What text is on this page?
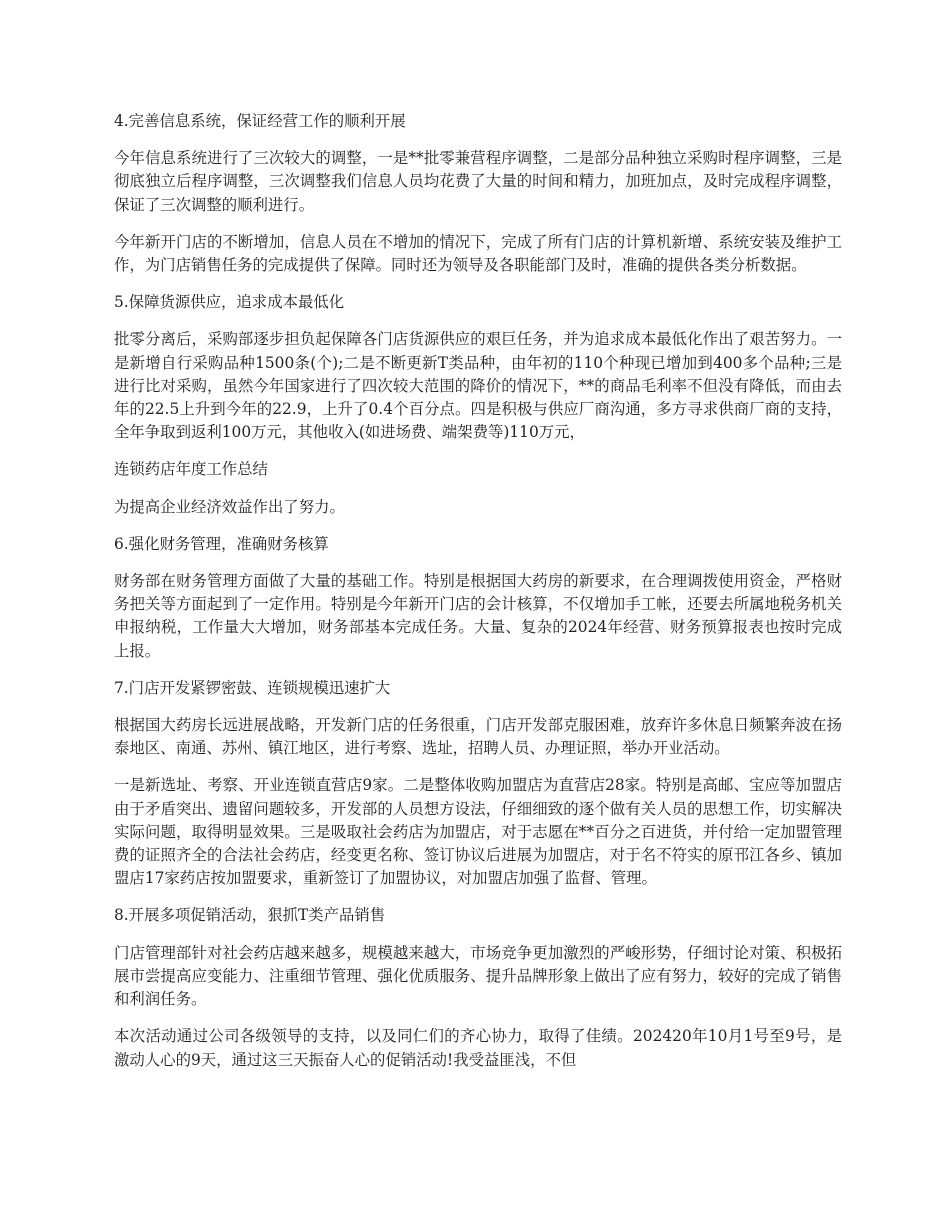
4.完善信息系统，保证经营工作的顺利开展

今年信息系统进行了三次较大的调整，一是**批零兼营程序调整，二是部分品种独立采购时程序调整，三是彻底独立后程序调整，三次调整我们信息人员均花费了大量的时间和精力，加班加点，及时完成程序调整，保证了三次调整的顺利进行。

今年新开门店的不断增加，信息人员在不增加的情况下，完成了所有门店的计算机新增、系统安装及维护工作，为门店销售任务的完成提供了保障。同时还为领导及各职能部门及时，准确的提供各类分析数据。

5.保障货源供应，追求成本最低化

批零分离后，采购部逐步担负起保障各门店货源供应的艰巨任务，并为追求成本最低化作出了艰苦努力。一是新增自行采购品种1500条(个);二是不断更新T类品种，由年初的110个种现已增加到400多个品种;三是进行比对采购，虽然今年国家进行了四次较大范围的降价的情况下，**的商品毛利率不但没有降低，而由去年的22.5上升到今年的22.9，上升了0.4个百分点。四是积极与供应厂商沟通，多方寻求供商厂商的支持，全年争取到返利100万元，其他收入(如进场费、端架费等)110万元，

连锁药店年度工作总结

为提高企业经济效益作出了努力。

6.强化财务管理，准确财务核算

财务部在财务管理方面做了大量的基础工作。特别是根据国大药房的新要求，在合理调拨使用资金，严格财务把关等方面起到了一定作用。特别是今年新开门店的会计核算，不仅增加手工帐，还要去所属地税务机关申报纳税，工作量大大增加，财务部基本完成任务。大量、复杂的2024年经营、财务预算报表也按时完成上报。

7.门店开发紧锣密鼓、连锁规模迅速扩大

根据国大药房长远进展战略，开发新门店的任务很重，门店开发部克服困难，放弃许多休息日频繁奔波在扬泰地区、南通、苏州、镇江地区，进行考察、选址，招聘人员、办理证照，举办开业活动。

一是新选址、考察、开业连锁直营店9家。二是整体收购加盟店为直营店28家。特别是高邮、宝应等加盟店由于矛盾突出、遗留问题较多，开发部的人员想方设法，仔细细致的逐个做有关人员的思想工作，切实解决实际问题，取得明显效果。三是吸取社会药店为加盟店，对于志愿在**百分之百进货，并付给一定加盟管理费的证照齐全的合法社会药店，经变更名称、签订协议后进展为加盟店，对于名不符实的原邗江各乡、镇加盟店17家药店按加盟要求，重新签订了加盟协议，对加盟店加强了监督、管理。

8.开展多项促销活动，狠抓T类产品销售

门店管理部针对社会药店越来越多，规模越来越大，市场竞争更加激烈的严峻形势，仔细讨论对策、积极拓展市尝提高应变能力、注重细节管理、强化优质服务、提升品牌形象上做出了应有努力，较好的完成了销售和利润任务。

本次活动通过公司各级领导的支持，以及同仁们的齐心协力，取得了佳绩。202420年10月1号至9号，是激动人心的9天，通过这三天振奋人心的促销活动!我受益匪浅，不但
